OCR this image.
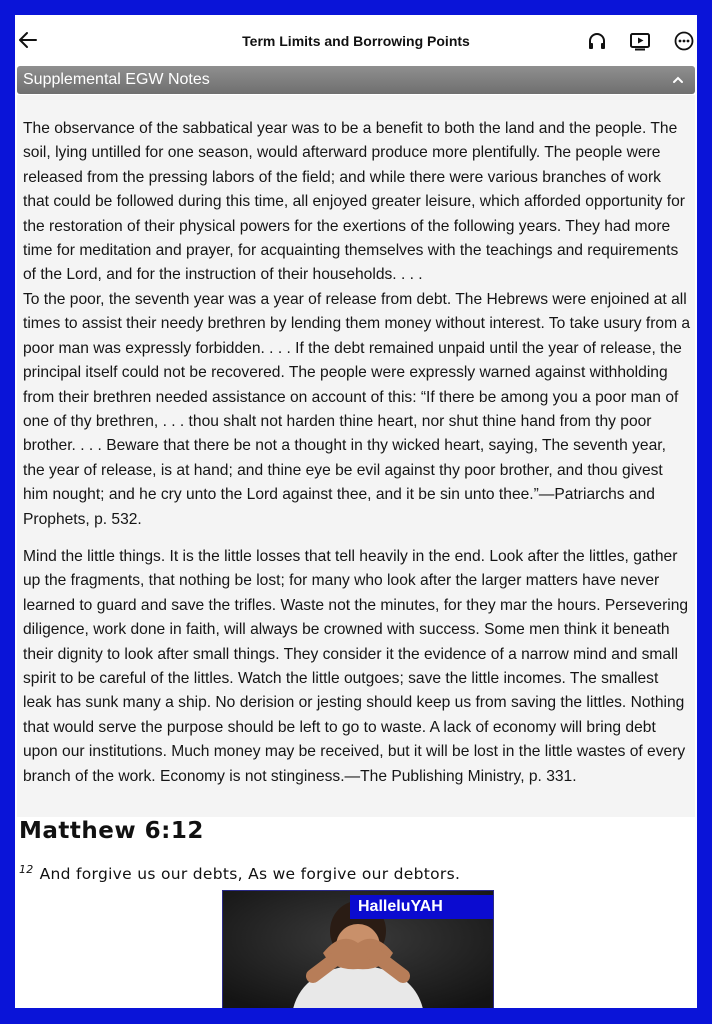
Term Limits and Borrowing Points
Supplemental EGW Notes

The observance of the sabbatical year was to be a benefit to both the land and the people. The soil, lying untilled for one season, would afterward produce more plentifully. The people were released from the pressing labors of the field; and while there were various branches of work that could be followed during this time, all enjoyed greater leisure, which afforded opportunity for the restoration of their physical powers for the exertions of the following years. They had more time for meditation and prayer, for acquainting themselves with the teachings and requirements of the Lord, and for the instruction of their households. . . .

To the poor, the seventh year was a year of release from debt. The Hebrews were enjoined at all times to assist their needy brethren by lending them money without interest. To take usury from a poor man was expressly forbidden. . . . If the debt remained unpaid until the year of release, the principal itself could not be recovered. The people were expressly warned against withholding from their brethren needed assistance on account of this: “If there be among you a poor man of one of thy brethren, . . . thou shalt not harden thine heart, nor shut thine hand from thy poor brother. . . . Beware that there be not a thought in thy wicked heart, saying, The seventh year, the year of release, is at hand; and thine eye be evil against thy poor brother, and thou givest him nought; and he cry unto the Lord against thee, and it be sin unto thee.”—Patriarchs and Prophets, p. 532.

Mind the little things. It is the little losses that tell heavily in the end. Look after the littles, gather up the fragments, that nothing be lost; for many who look after the larger matters have never learned to guard and save the trifles. Waste not the minutes, for they mar the hours. Persevering diligence, work done in faith, will always be crowned with success. Some men think it beneath their dignity to look after small things. They consider it the evidence of a narrow mind and small spirit to be careful of the littles. Watch the little outgoes; save the little incomes. The smallest leak has sunk many a ship. No derision or jesting should keep us from saving the littles. Nothing that would serve the purpose should be left to go to waste. A lack of economy will bring debt upon our institutions. Much money may be received, but it will be lost in the little wastes of every branch of the work. Economy is not stinginess.—The Publishing Ministry, p. 331.

Matthew 6:12
$^{12}$ And forgive us our debts, As we forgive our debtors.
HalleluYAH
